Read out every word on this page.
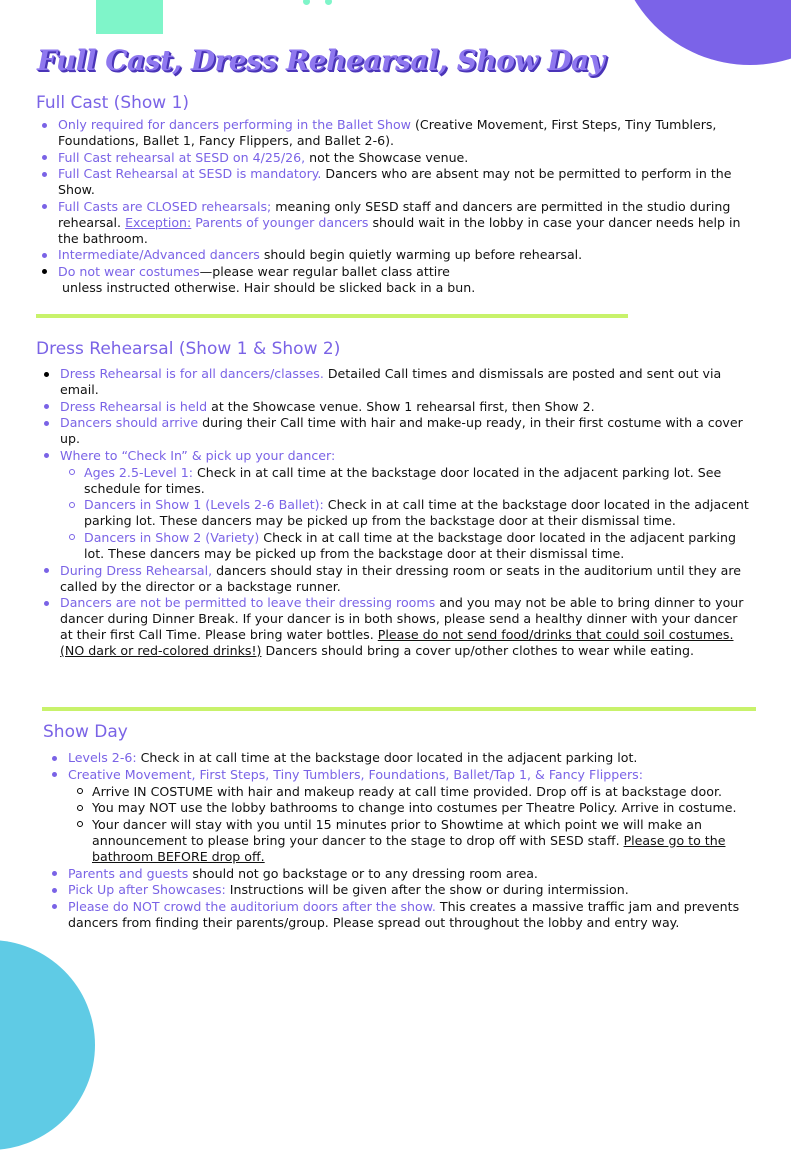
Full Cast, Dress Rehearsal, Show Day
Full Cast (Show 1)
Only required for dancers performing in the Ballet Show (Creative Movement, First Steps, Tiny Tumblers, Foundations, Ballet 1, Fancy Flippers, and Ballet 2-6).
Full Cast rehearsal at SESD on 4/25/26, not the Showcase venue.
Full Cast Rehearsal at SESD is mandatory. Dancers who are absent may not be permitted to perform in the Show.
Full Casts are CLOSED rehearsals; meaning only SESD staff and dancers are permitted in the studio during rehearsal. Exception: Parents of younger dancers should wait in the lobby in case your dancer needs help in the bathroom.
Intermediate/Advanced dancers should begin quietly warming up before rehearsal.
Do not wear costumes—please wear regular ballet class attire
unless instructed otherwise. Hair should be slicked back in a bun.
Dress Rehearsal (Show 1 & Show 2)
Dress Rehearsal is for all dancers/classes. Detailed Call times and dismissals are posted and sent out via email.
Dress Rehearsal is held at the Showcase venue. Show 1 rehearsal first, then Show 2.
Dancers should arrive during their Call time with hair and make-up ready, in their first costume with a cover up.
Where to “Check In” & pick up your dancer:
Ages 2.5-Level 1: Check in at call time at the backstage door located in the adjacent parking lot. See schedule for times.
Dancers in Show 1 (Levels 2-6 Ballet): Check in at call time at the backstage door located in the adjacent parking lot. These dancers may be picked up from the backstage door at their dismissal time.
Dancers in Show 2 (Variety) Check in at call time at the backstage door located in the adjacent parking lot. These dancers may be picked up from the backstage door at their dismissal time.
During Dress Rehearsal, dancers should stay in their dressing room or seats in the auditorium until they are called by the director or a backstage runner.
Dancers are not be permitted to leave their dressing rooms and you may not be able to bring dinner to your dancer during Dinner Break. If your dancer is in both shows, please send a healthy dinner with your dancer at their first Call Time. Please bring water bottles. Please do not send food/drinks that could soil costumes. (NO dark or red-colored drinks!) Dancers should bring a cover up/other clothes to wear while eating.
Show Day
Levels 2-6: Check in at call time at the backstage door located in the adjacent parking lot.
Creative Movement, First Steps, Tiny Tumblers, Foundations, Ballet/Tap 1, & Fancy Flippers:
Arrive IN COSTUME with hair and makeup ready at call time provided. Drop off is at backstage door.
You may NOT use the lobby bathrooms to change into costumes per Theatre Policy. Arrive in costume.
Your dancer will stay with you until 15 minutes prior to Showtime at which point we will make an announcement to please bring your dancer to the stage to drop off with SESD staff. Please go to the bathroom BEFORE drop off.
Parents and guests should not go backstage or to any dressing room area.
Pick Up after Showcases: Instructions will be given after the show or during intermission.
Please do NOT crowd the auditorium doors after the show. This creates a massive traffic jam and prevents dancers from finding their parents/group. Please spread out throughout the lobby and entry way.
